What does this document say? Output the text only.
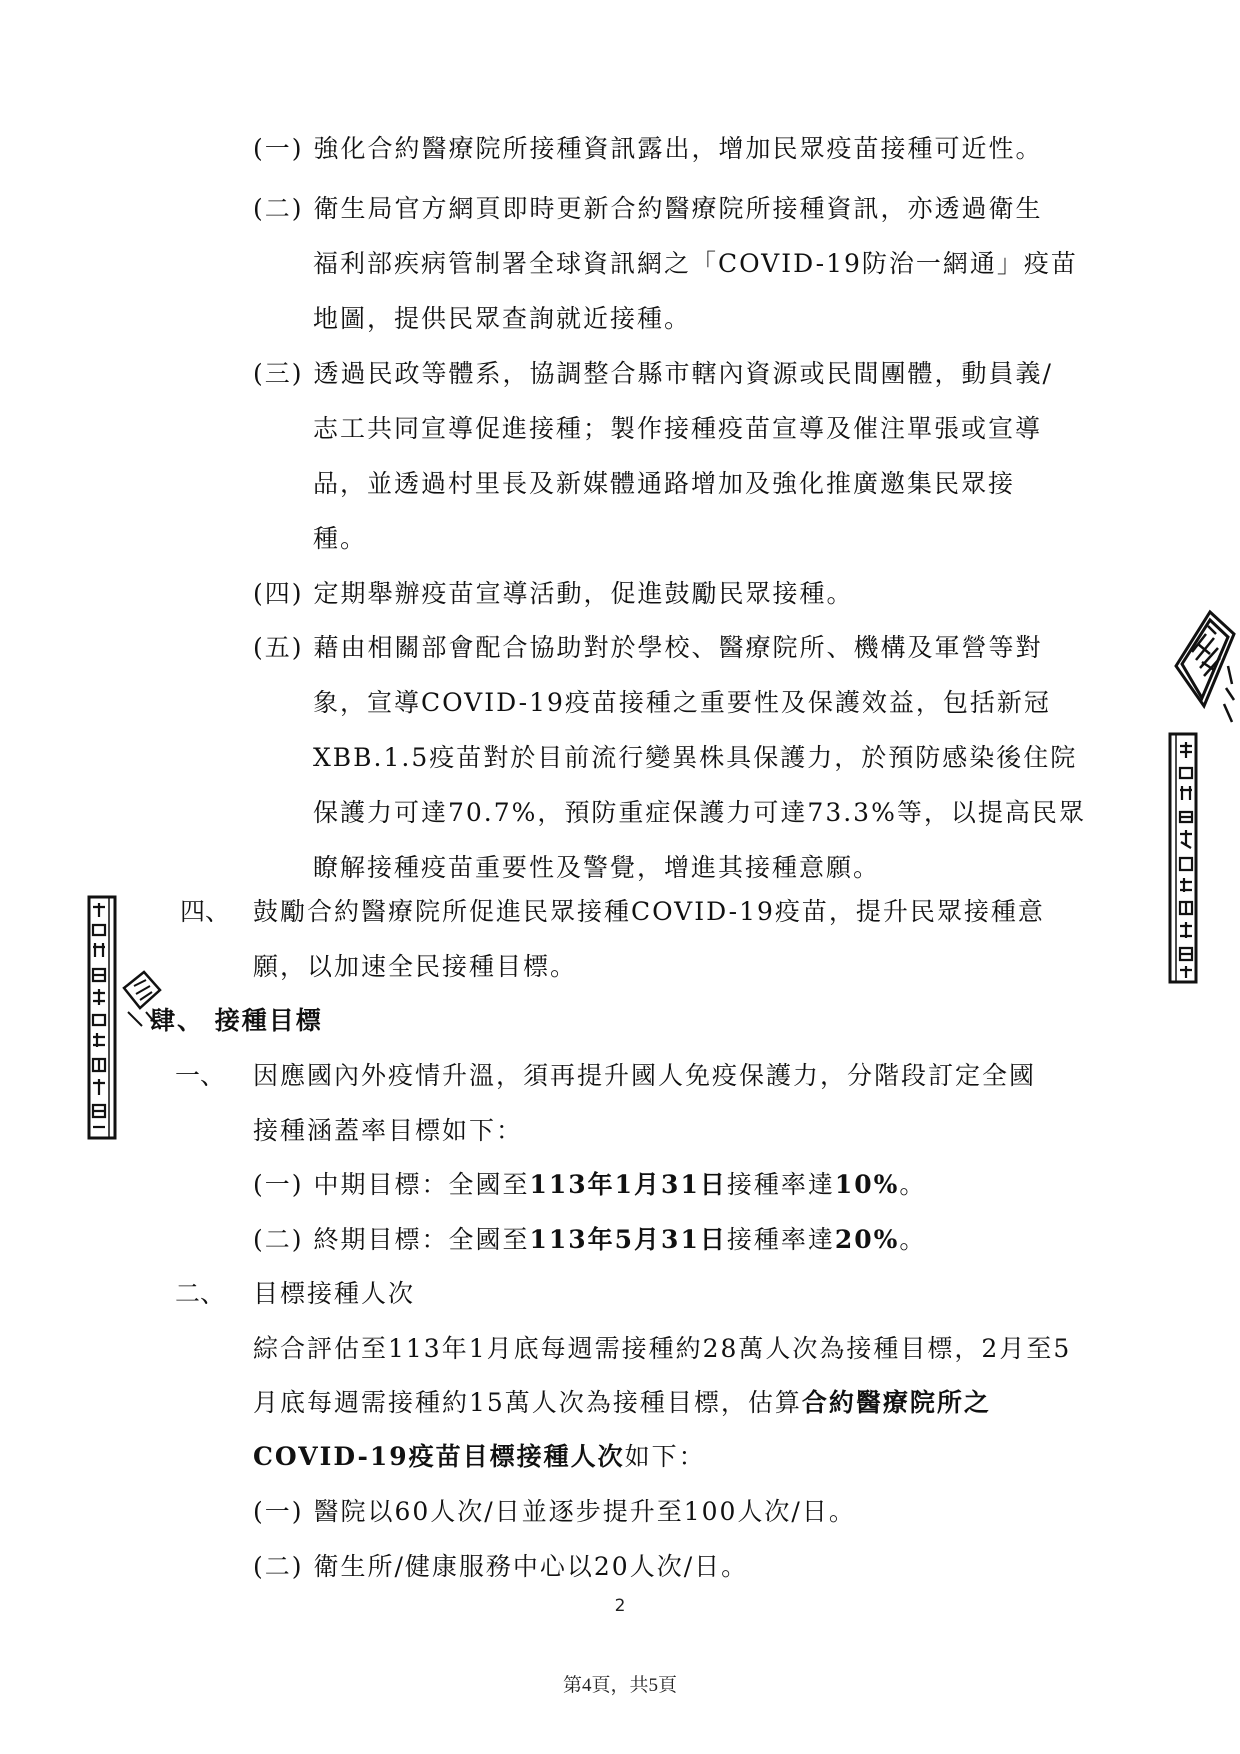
(一) 強化合約醫療院所接種資訊露出，增加民眾疫苗接種可近性。

(二) 衛生局官方網頁即時更新合約醫療院所接種資訊，亦透過衛生

福利部疾病管制署全球資訊網之「COVID-19防治一網通」疫苗

地圖，提供民眾查詢就近接種。

(三) 透過民政等體系，協調整合縣市轄內資源或民間團體，動員義/

志工共同宣導促進接種；製作接種疫苗宣導及催注單張或宣導

品，並透過村里長及新媒體通路增加及強化推廣邀集民眾接

種。

(四) 定期舉辦疫苗宣導活動，促進鼓勵民眾接種。

(五) 藉由相關部會配合協助對於學校、醫療院所、機構及軍營等對

象，宣導COVID-19疫苗接種之重要性及保護效益，包括新冠

XBB.1.5疫苗對於目前流行變異株具保護力，於預防感染後住院

保護力可達70.7%，預防重症保護力可達73.3%等，以提高民眾

瞭解接種疫苗重要性及警覺，增進其接種意願。

四、 鼓勵合約醫療院所促進民眾接種COVID-19疫苗，提升民眾接種意

願，以加速全民接種目標。

肆、 接種目標

一、 因應國內外疫情升溫，須再提升國人免疫保護力，分階段訂定全國

接種涵蓋率目標如下：

(一) 中期目標：全國至113年1月31日接種率達10%。

(二) 終期目標：全國至113年5月31日接種率達20%。

二、 目標接種人次

綜合評估至113年1月底每週需接種約28萬人次為接種目標，2月至5

月底每週需接種約15萬人次為接種目標，估算合約醫療院所之

COVID-19疫苗目標接種人次如下：

(一) 醫院以60人次/日並逐步提升至100人次/日。

(二) 衛生所/健康服務中心以20人次/日。

2
第4頁，共5頁
